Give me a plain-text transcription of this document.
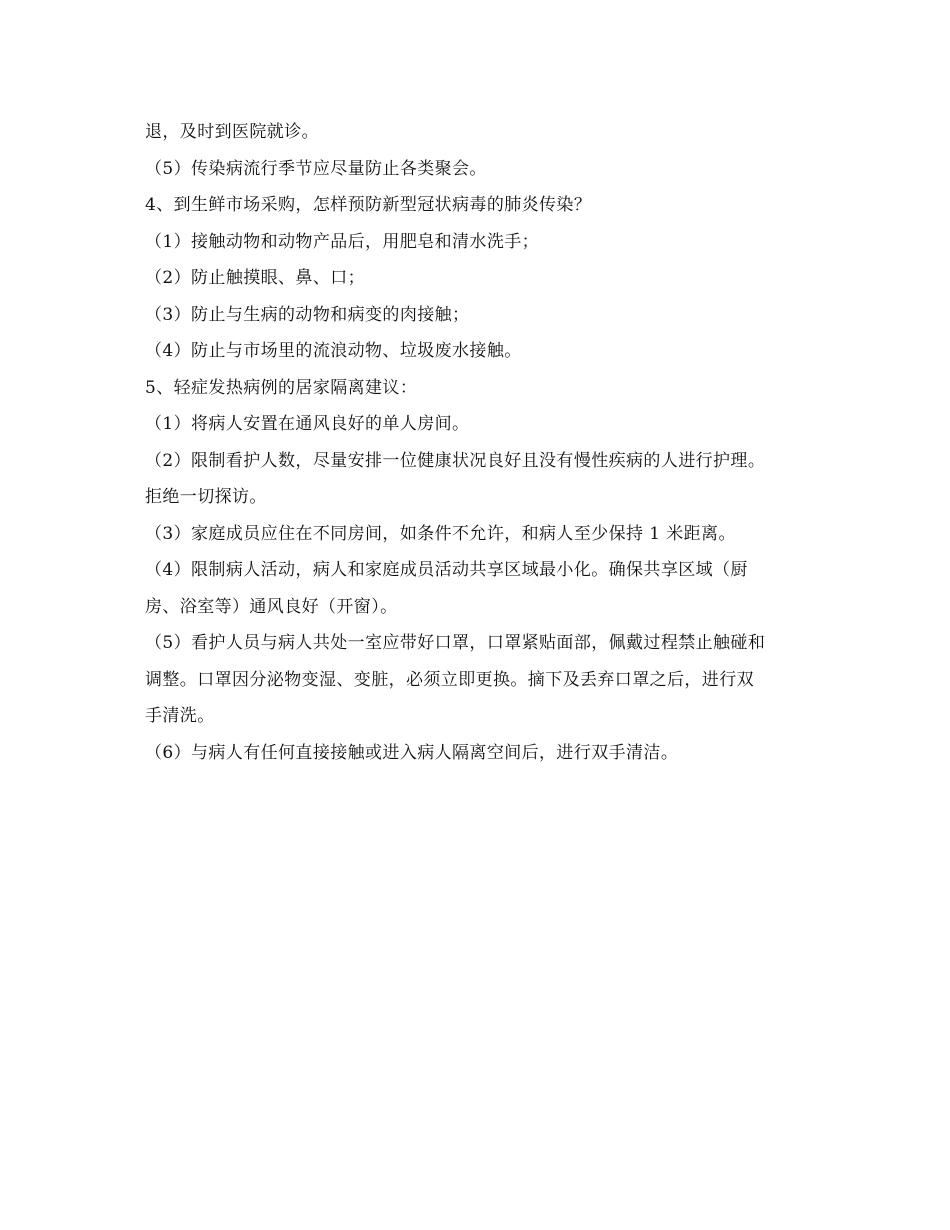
退，及时到医院就诊。
（5）传染病流行季节应尽量防止各类聚会。
4、到生鲜市场采购，怎样预防新型冠状病毒的肺炎传染？
（1）接触动物和动物产品后，用肥皂和清水洗手；
（2）防止触摸眼、鼻、口；
（3）防止与生病的动物和病变的肉接触；
（4）防止与市场里的流浪动物、垃圾废水接触。
5、轻症发热病例的居家隔离建议：
（1）将病人安置在通风良好的单人房间。
（2）限制看护人数，尽量安排一位健康状况良好且没有慢性疾病的人进行护理。
拒绝一切探访。
（3）家庭成员应住在不同房间，如条件不允许，和病人至少保持 1 米距离。
（4）限制病人活动，病人和家庭成员活动共享区域最小化。确保共享区域（厨
房、浴室等）通风良好（开窗）。
（5）看护人员与病人共处一室应带好口罩，口罩紧贴面部，佩戴过程禁止触碰和
调整。口罩因分泌物变湿、变脏，必须立即更换。摘下及丢弃口罩之后，进行双
手清洗。
（6）与病人有任何直接接触或进入病人隔离空间后，进行双手清洁。
